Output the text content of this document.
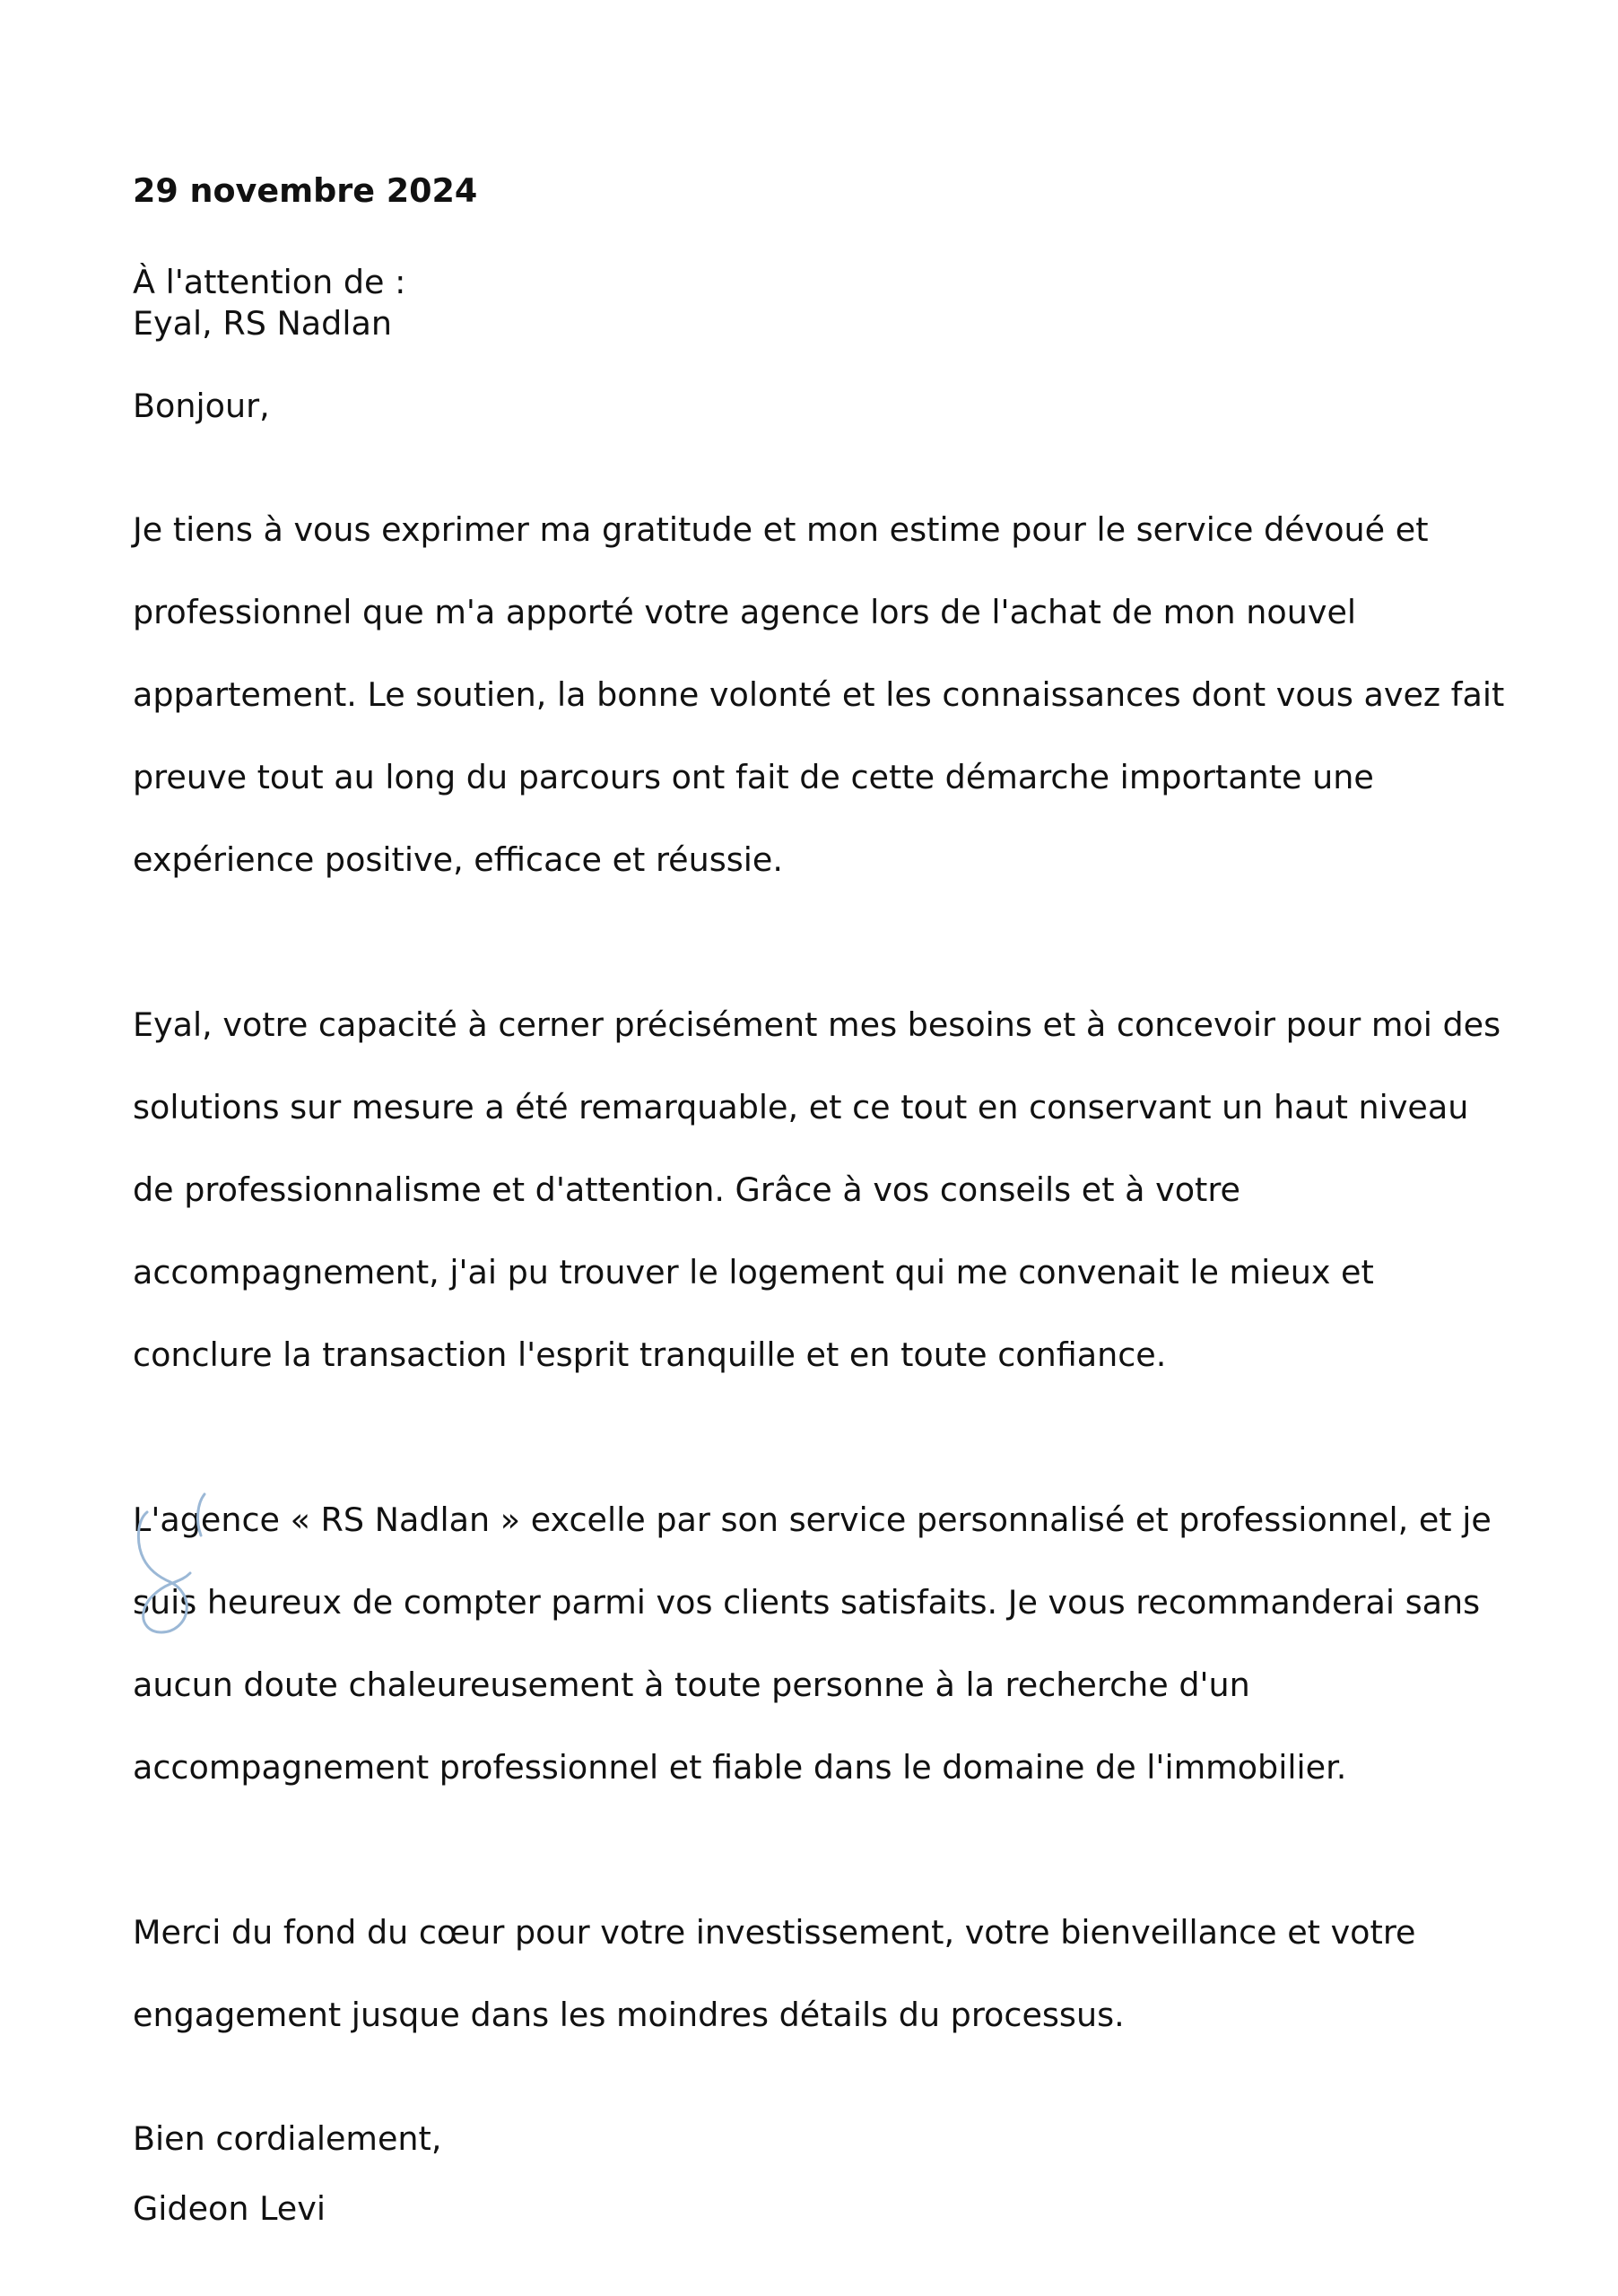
29 novembre 2024

À l'attention de :
Eyal, RS Nadlan

Bonjour,

Je tiens à vous exprimer ma gratitude et mon estime pour le service dévoué et

professionnel que m'a apporté votre agence lors de l'achat de mon nouvel

appartement. Le soutien, la bonne volonté et les connaissances dont vous avez fait

preuve tout au long du parcours ont fait de cette démarche importante une

expérience positive, efficace et réussie.

Eyal, votre capacité à cerner précisément mes besoins et à concevoir pour moi des

solutions sur mesure a été remarquable, et ce tout en conservant un haut niveau

de professionnalisme et d'attention. Grâce à vos conseils et à votre

accompagnement, j'ai pu trouver le logement qui me convenait le mieux et

conclure la transaction l'esprit tranquille et en toute confiance.

L'agence « RS Nadlan » excelle par son service personnalisé et professionnel, et je

suis heureux de compter parmi vos clients satisfaits. Je vous recommanderai sans

aucun doute chaleureusement à toute personne à la recherche d'un

accompagnement professionnel et fiable dans le domaine de l'immobilier.

Merci du fond du cœur pour votre investissement, votre bienveillance et votre

engagement jusque dans les moindres détails du processus.

Bien cordialement,

Gideon Levi
